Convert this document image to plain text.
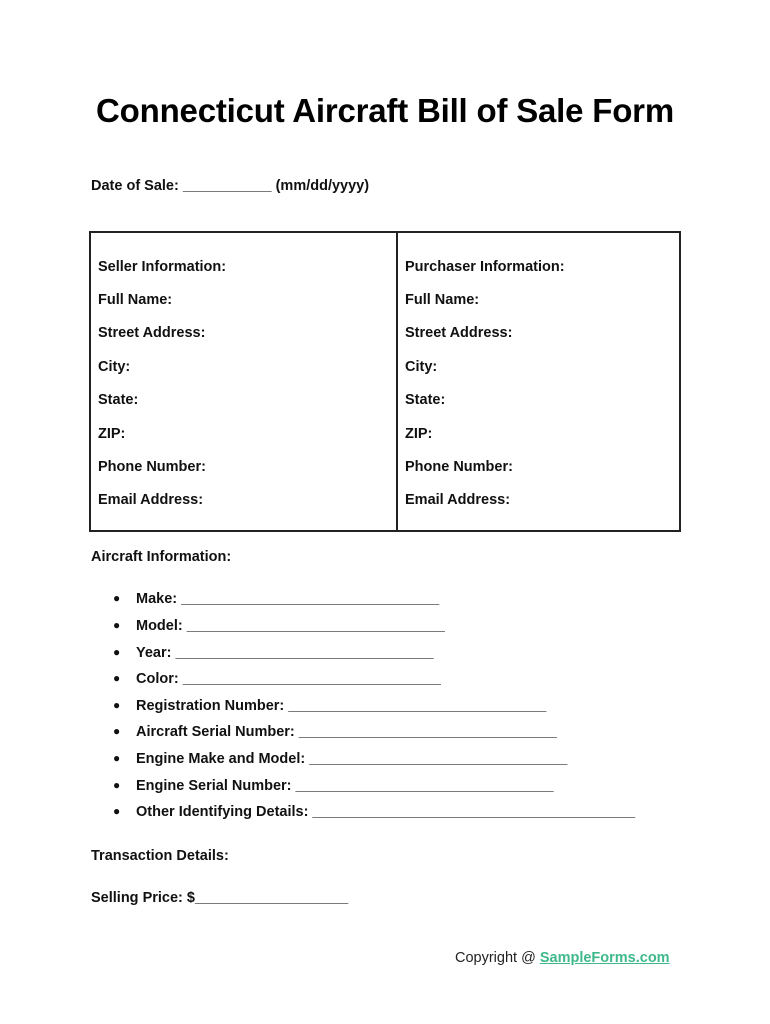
Connecticut Aircraft Bill of Sale Form
Date of Sale: ___________ (mm/dd/yyyy)
Seller Information:
Full Name:
Street Address:
City:
State:
ZIP:
Phone Number:
Email Address:
Purchaser Information:
Full Name:
Street Address:
City:
State:
ZIP:
Phone Number:
Email Address:
Aircraft Information:
● Make: ________________________________
● Model: ________________________________
● Year: ________________________________
● Color: ________________________________
● Registration Number: ________________________________
● Aircraft Serial Number: ________________________________
● Engine Make and Model: ________________________________
● Engine Serial Number: ________________________________
● Other Identifying Details: ________________________________________
Transaction Details:
Selling Price: $___________________
Copyright @ SampleForms.com
